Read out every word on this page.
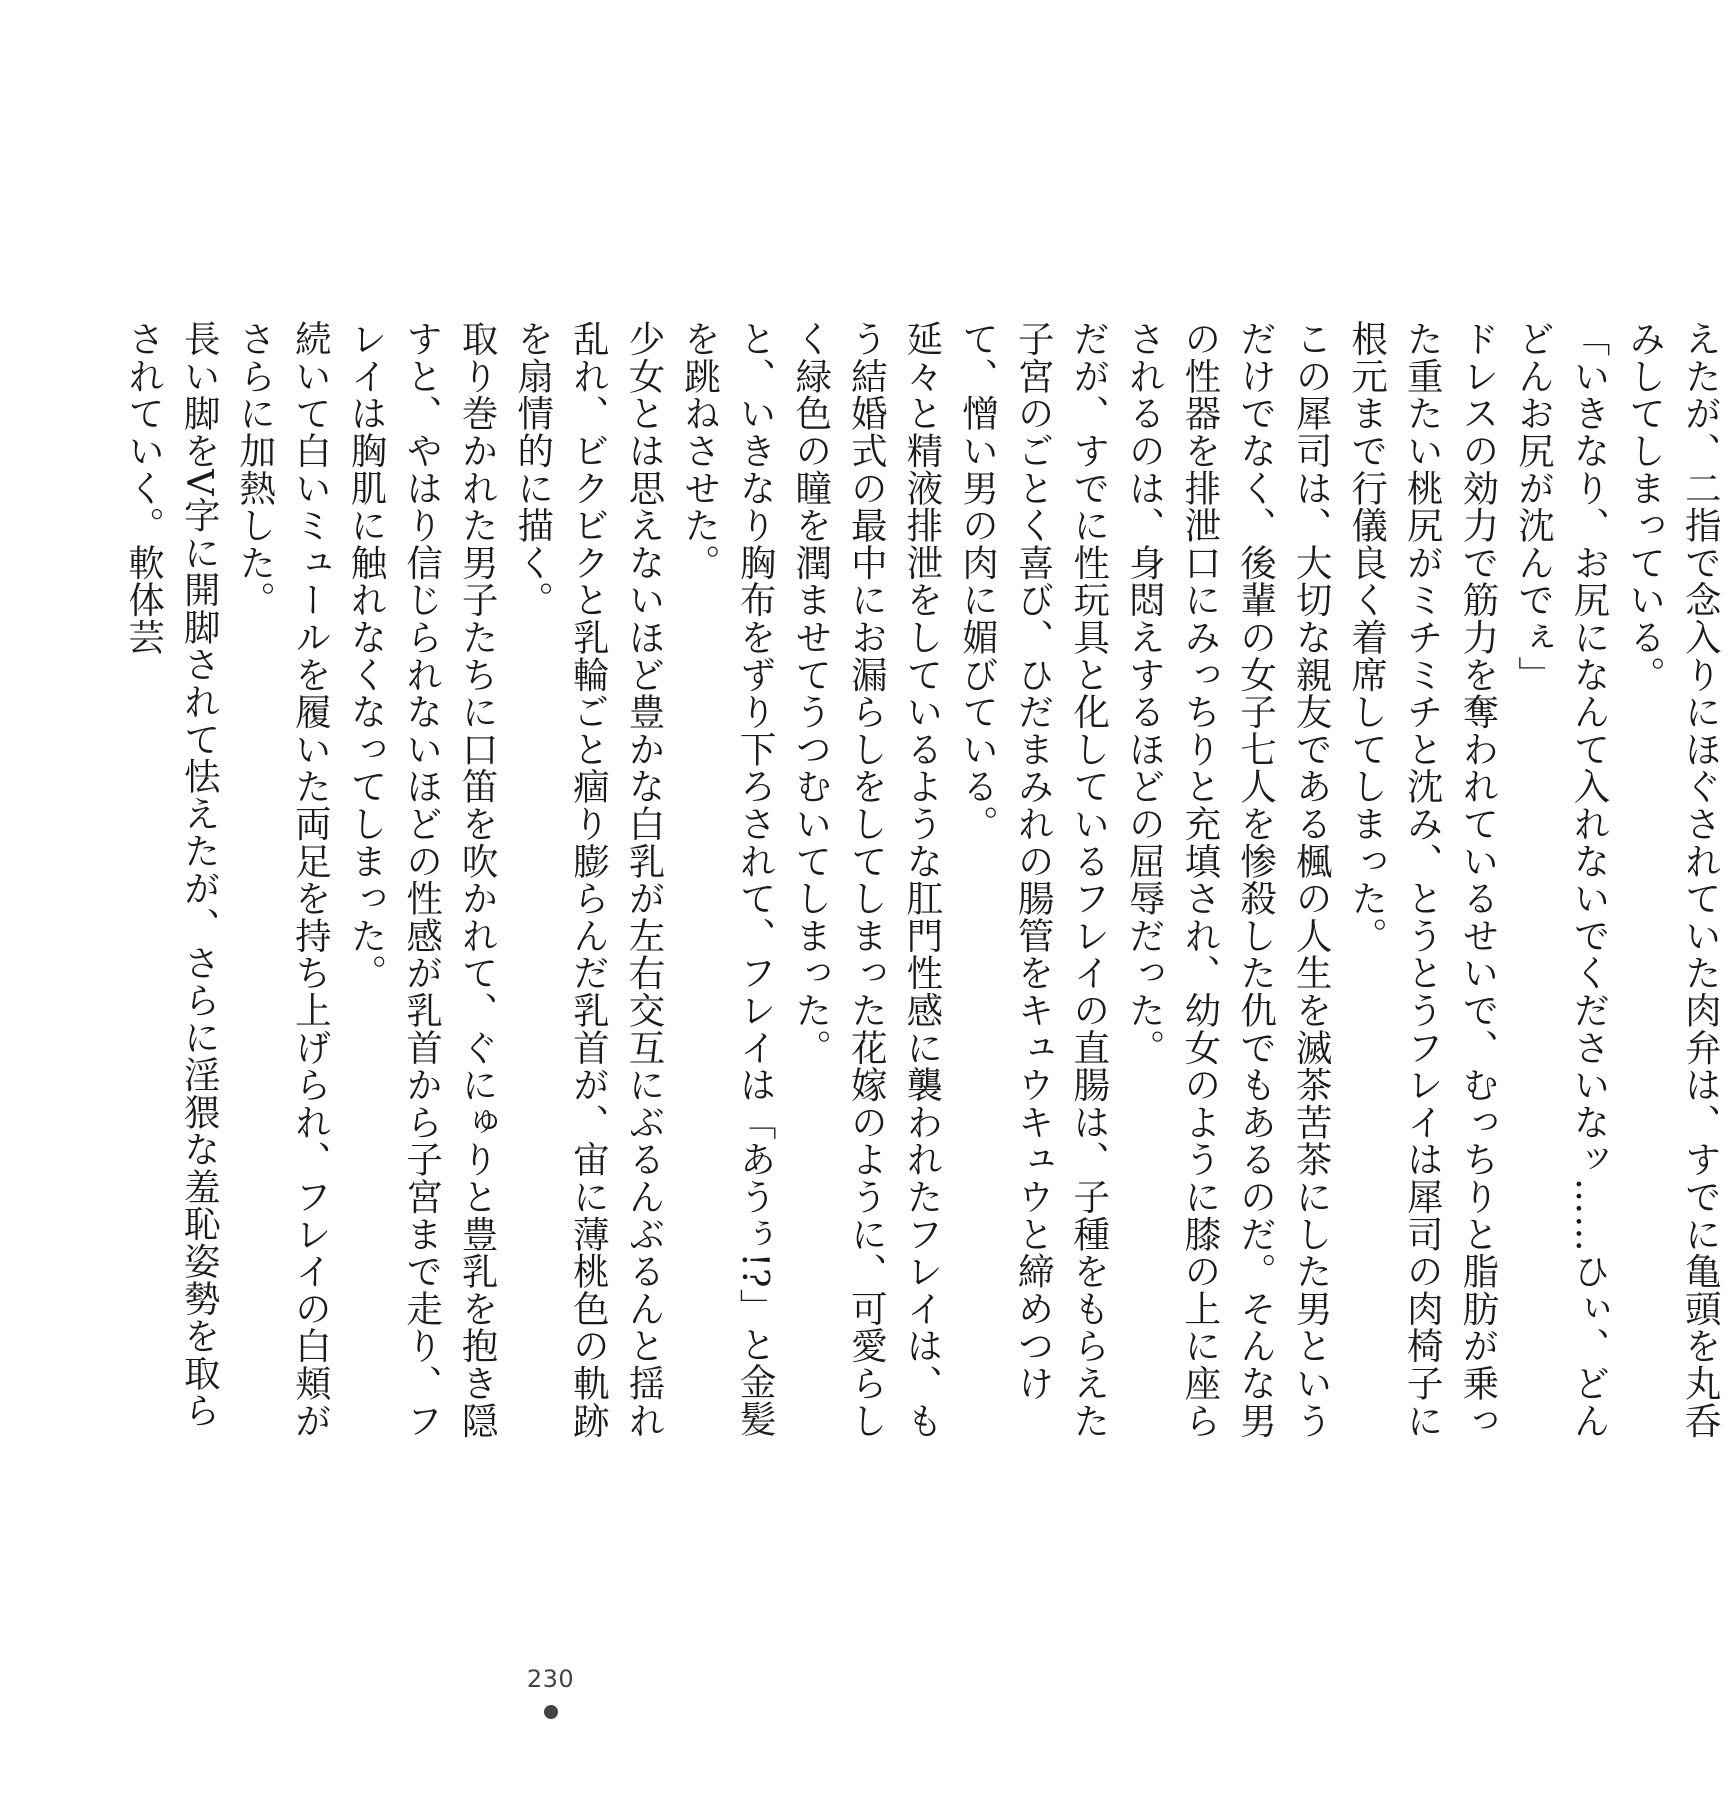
えたが、二指で念入りにほぐされていた肉弁は、すでに亀頭を丸呑みしてしまっている。

「いきなり、お尻になんて入れないでくださいなッ……ひぃ、どんどんお尻が沈んでぇ」

ドレスの効力で筋力を奪われているせいで、むっちりと脂肪が乗った重たい桃尻がミチミチと沈み、とうとうフレイは犀司の肉椅子に根元まで行儀良く着席してしまった。

この犀司は、大切な親友である楓の人生を滅茶苦茶にした男というだけでなく、後輩の女子七人を惨殺した仇でもあるのだ。そんな男の性器を排泄口にみっちりと充填され、幼女のように膝の上に座らされるのは、身悶えするほどの屈辱だった。

だが、すでに性玩具と化しているフレイの直腸は、子種をもらえた子宮のごとく喜び、ひだまみれの腸管をキュウキュウと締めつけて、憎い男の肉に媚びている。

延々と精液排泄をしているような肛門性感に襲われたフレイは、もう結婚式の最中にお漏らしをしてしまった花嫁のように、可愛らしく緑色の瞳を潤ませてうつむいてしまった。

と、いきなり胸布をずり下ろされて、フレイは「あうぅ!?」と金髪を跳ねさせた。

少女とは思えないほど豊かな白乳が左右交互にぶるんぶるんと揺れ乱れ、ビクビクと乳輪ごと痼り膨らんだ乳首が、宙に薄桃色の軌跡を扇情的に描く。

取り巻かれた男子たちに口笛を吹かれて、ぐにゅりと豊乳を抱き隠すと、やはり信じられないほどの性感が乳首から子宮まで走り、フレイは胸肌に触れなくなってしまった。

続いて白いミュールを履いた両足を持ち上げられ、フレイの白頬がさらに加熱した。

長い脚をV字に開脚されて怯えたが、さらに淫猥な羞恥姿勢を取らされていく。軟体芸

230
